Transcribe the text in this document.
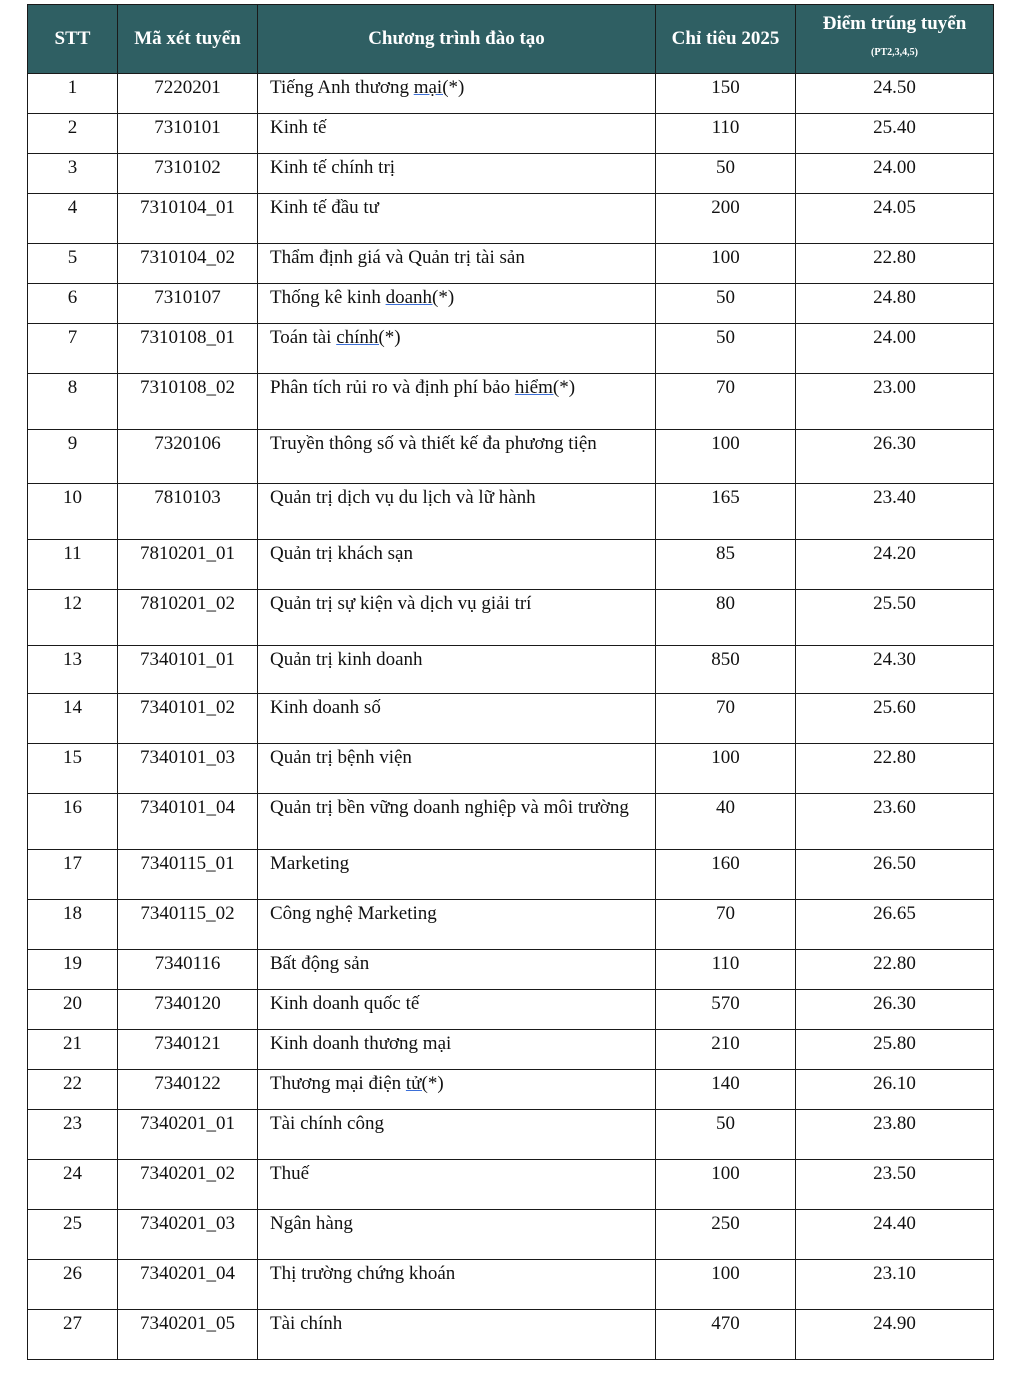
STT	Mã xét tuyển	Chương trình đào tạo	Chỉ tiêu 2025	Điểm trúng tuyển
(PT2,3,4,5)

1	7220201	Tiếng Anh thương mại(*)	150	24.50
2	7310101	Kinh tế	110	25.40
3	7310102	Kinh tế chính trị	50	24.00
4	7310104_01	Kinh tế đầu tư	200	24.05
5	7310104_02	Thẩm định giá và Quản trị tài sản	100	22.80
6	7310107	Thống kê kinh doanh(*)	50	24.80
7	7310108_01	Toán tài chính(*)	50	24.00
8	7310108_02	Phân tích rủi ro và định phí bảo hiểm(*)	70	23.00
9	7320106	Truyền thông số và thiết kế đa phương tiện	100	26.30
10	7810103	Quản trị dịch vụ du lịch và lữ hành	165	23.40
11	7810201_01	Quản trị khách sạn	85	24.20
12	7810201_02	Quản trị sự kiện và dịch vụ giải trí	80	25.50
13	7340101_01	Quản trị kinh doanh	850	24.30
14	7340101_02	Kinh doanh số	70	25.60
15	7340101_03	Quản trị bệnh viện	100	22.80
16	7340101_04	Quản trị bền vững doanh nghiệp và môi trường	40	23.60
17	7340115_01	Marketing	160	26.50
18	7340115_02	Công nghệ Marketing	70	26.65
19	7340116	Bất động sản	110	22.80
20	7340120	Kinh doanh quốc tế	570	26.30
21	7340121	Kinh doanh thương mại	210	25.80
22	7340122	Thương mại điện tử(*)	140	26.10
23	7340201_01	Tài chính công	50	23.80
24	7340201_02	Thuế	100	23.50
25	7340201_03	Ngân hàng	250	24.40
26	7340201_04	Thị trường chứng khoán	100	23.10
27	7340201_05	Tài chính	470	24.90
